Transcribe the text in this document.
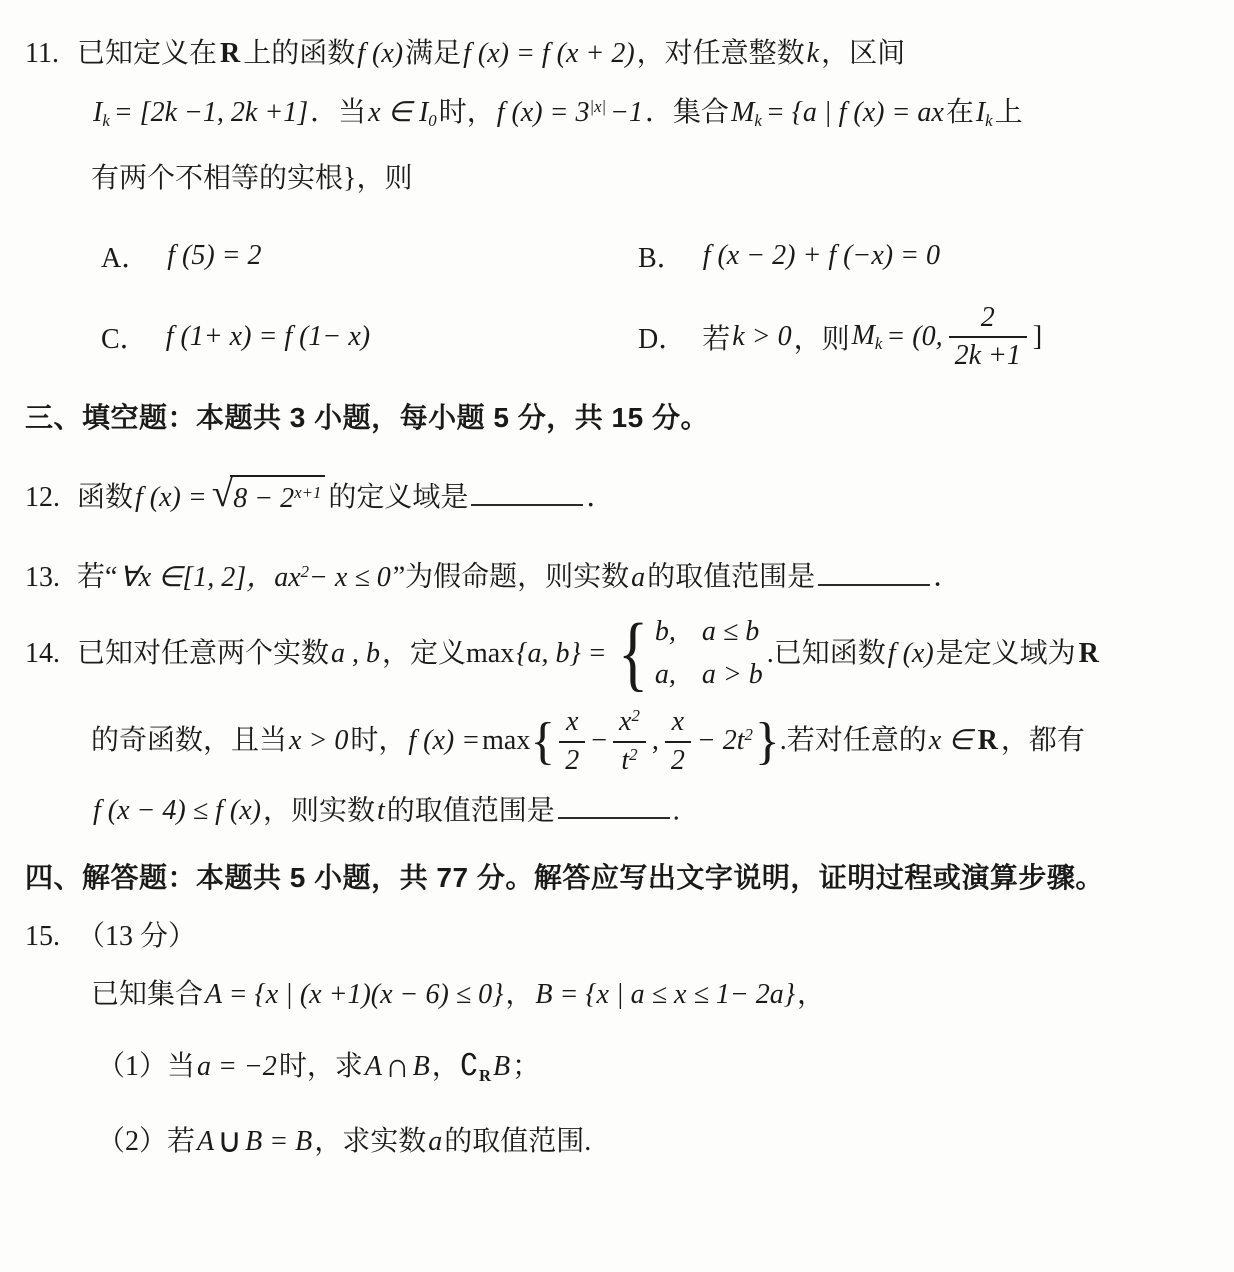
11. 已知定义在 R 上的函数f (x)满足f (x) = f (x + 2)，对任意整数k，区间
$I_k = [2k -1$, 2k +1]．当x ∈ $I_0$时，f $(x) = 3^{|x|} -1$．集合$M_k = \{a$ | f (x) = ax在$I_k$上
有两个不相等的实根}，则
A． f (5) = 2	B． f (x − 2) + f (−x) = 0
C． f (1+ x) = f (1− x)	D． 若 k > 0 ，则 $M_k = (0$, $\frac{2}{2k +1}$ ]
三、填空题：本题共 3 小题，每小题 5 分，共 15 分。
12. 函数f (x) = √ $8 - 2^{x+1}$ 的定义域是	．
13. 若“∀x ∈[1, 2]，$ax^2- x \le 0$”为假命题，则实数a的取值范围是	．
14. 已知对任意两个实数 a , b ，定义 max {a, b} = { b, a ≤ b
a, a > b
.已知函数 f (x) 是定义域为 R
的奇函数，且当 x > 0 时， f (x) = max { $\frac{x}{2} - \frac{x^2}{t^2}$ , $\frac{x}{2} - 2t^2$ } .若对任意的 x ∈ R ，都有
f (x − 4) ≤ f (x)，则实数t的取值范围是	.
四、解答题：本题共 5 小题，共 77 分。解答应写出文字说明，证明过程或演算步骤。
15. （13 分）
已知集合A = {x | (x +1)(x − 6) ≤ 0}，B = {x | a ≤ x ≤ 1− 2a}，
（1）当a = −2时，求A∩ B，$∁_RB$；
（2）若A∪ B = B，求实数a的取值范围.
